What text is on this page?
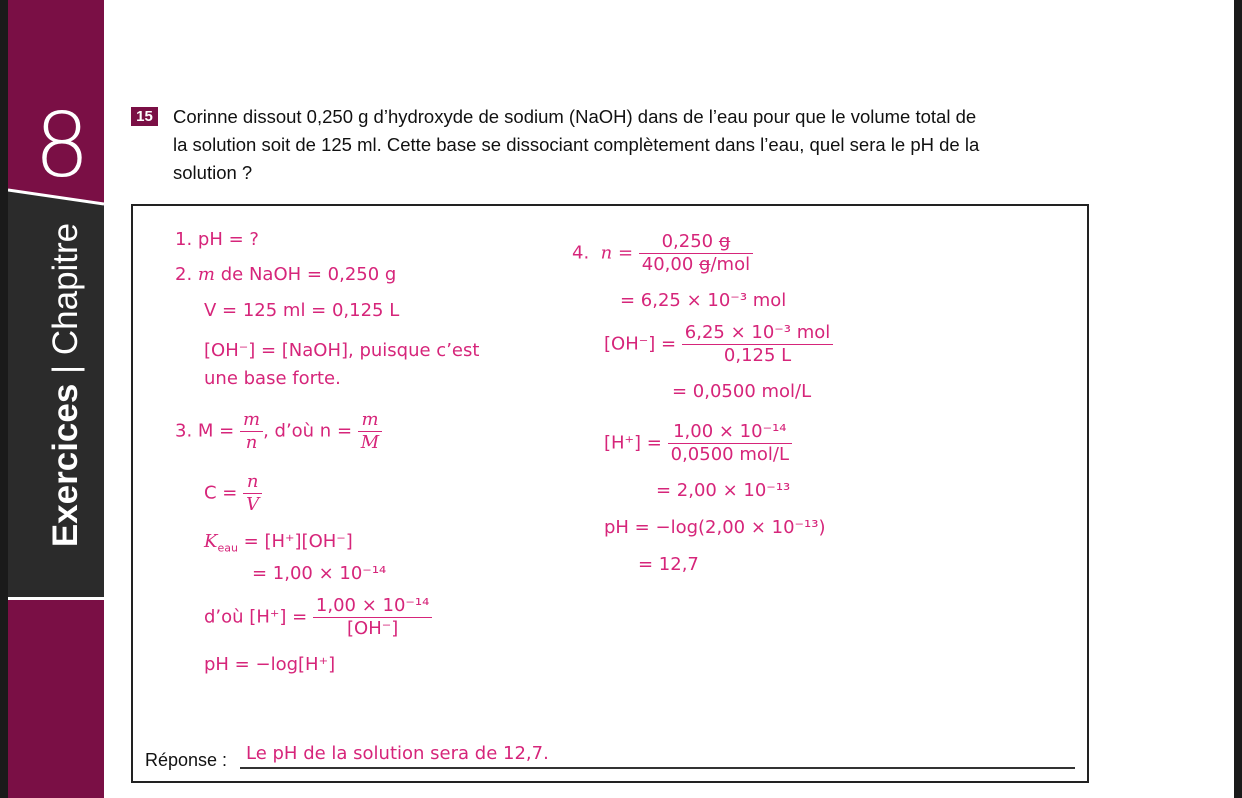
8
Exercices | Chapitre
15 Corinne dissout 0,250 g d’hydroxyde de sodium (NaOH) dans de l’eau pour que le volume total de la solution soit de 125 ml. Cette base se dissociant complètement dans l’eau, quel sera le pH de la solution ?
1. pH = ?
2. m de NaOH = 0,250 g
V = 125 ml = 0,125 L
[OH⁻] = [NaOH], puisque c’est
une base forte.
3. $M = \frac{m}{n}$ , d’où $n = \frac{m}{M}$
$C = \frac{n}{V}$
$K_{eau} = [H^+][OH^-]$
= 1,00 × 10⁻¹⁴
d’où $[H^+] = \frac{\text{1,00 × 10⁻¹⁴}}{[OH^-]}$
pH = −log[H⁺]
4. $n = \frac{0,250 g}{\text{40,00 g/mol}}$
= 6,25 × 10⁻³ mol
$[OH^-] = \frac{\text{6,25 × 10⁻³ mol}}{0,125 L}$
= 0,0500 mol/L
$[H^+] = \frac{\text{1,00 × 10⁻¹⁴}}{\text{0,0500 mol/L}}$
= 2,00 × 10⁻¹³
pH = −log(2,00 × 10⁻¹³)
= 12,7
Réponse : Le pH de la solution sera de 12,7.
